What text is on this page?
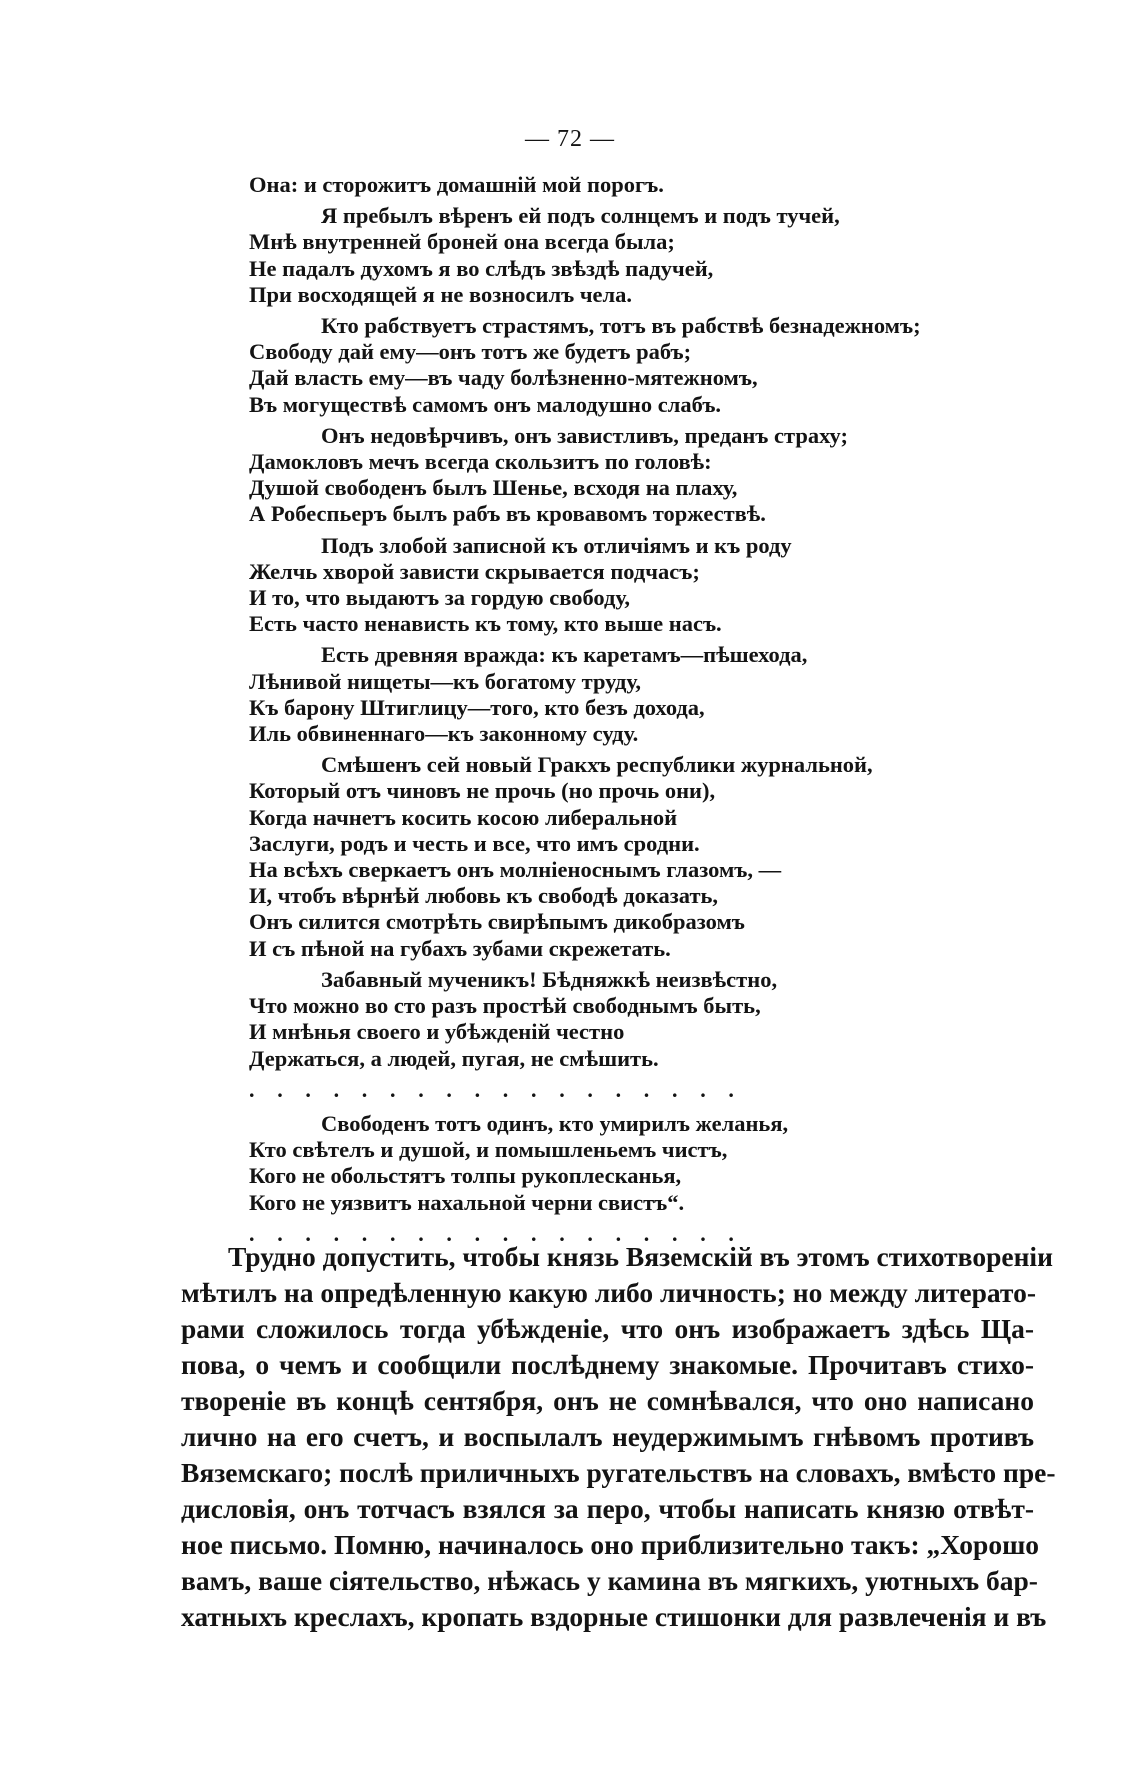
— 72 —
Она: и сторожитъ домашній мой порогъ.
Я пребылъ вѣренъ ей подъ солнцемъ и подъ тучей,
Мнѣ внутренней броней она всегда была;
Не падалъ духомъ я во слѣдъ звѣздѣ падучей,
При восходящей я не возносилъ чела.
Кто рабствуетъ страстямъ, тотъ въ рабствѣ безнадежномъ;
Свободу дай ему—онъ тотъ же будетъ рабъ;
Дай власть ему—въ чаду болѣзненно-мятежномъ,
Въ могуществѣ самомъ онъ малодушно слабъ.
Онъ недовѣрчивъ, онъ завистливъ, преданъ страху;
Дамокловъ мечъ всегда скользитъ по головѣ:
Душой свободенъ былъ Шенье, всходя на плаху,
А Робеспьеръ былъ рабъ въ кровавомъ торжествѣ.
Подъ злобой записной къ отличіямъ и къ роду
Желчь хворой зависти скрывается подчасъ;
И то, что выдаютъ за гордую свободу,
Есть часто ненависть къ тому, кто выше насъ.
Есть древняя вражда: къ каретамъ—пѣшехода,
Лѣнивой нищеты—къ богатому труду,
Къ барону Штиглицу—того, кто безъ дохода,
Иль обвиненнаго—къ законному суду.
Смѣшенъ сей новый Гракхъ республики журнальной,
Который отъ чиновъ не прочь (но прочь они),
Когда начнетъ косить косою либеральной
Заслуги, родъ и честь и все, что имъ сродни.
На всѣхъ сверкаетъ онъ молніеноснымъ глазомъ, —
И, чтобъ вѣрнѣй любовь къ свободѣ доказать,
Онъ силится смотрѣть свирѣпымъ дикобразомъ
И съ пѣной на губахъ зубами скрежетать.
Забавный мученикъ! Бѣдняжкѣ неизвѣстно,
Что можно во сто разъ простѣй свободнымъ быть,
И мнѣнья своего и убѣжденій честно
Держаться, а людей, пугая, не смѣшить.
. . . . . . . . . . . . . . . . . .
Свободенъ тотъ одинъ, кто умирилъ желанья,
Кто свѣтелъ и душой, и помышленьемъ чистъ,
Кого не обольстятъ толпы рукоплесканья,
Кого не уязвитъ нахальной черни свистъ“.
. . . . . . . . . . . . . . . . . .
Трудно допустить, чтобы князь Вяземскій въ этомъ стихотвореніи
мѣтилъ на опредѣленную какую либо личность; но между литерато-
рами сложилось тогда убѣжденіе, что онъ изображаетъ здѣсь Ща-
пова, о чемъ и сообщили послѣднему знакомые. Прочитавъ стихо-
твореніе въ концѣ сентября, онъ не сомнѣвался, что оно написано
лично на его счетъ, и воспылалъ неудержимымъ гнѣвомъ противъ
Вяземскаго; послѣ приличныхъ ругательствъ на словахъ, вмѣсто пре-
дисловія, онъ тотчасъ взялся за перо, чтобы написать князю отвѣт-
ное письмо. Помню, начиналось оно приблизительно такъ: „Хорошо
вамъ, ваше сіятельство, нѣжась у камина въ мягкихъ, уютныхъ бар-
хатныхъ креслахъ, кропать вздорные стишонки для развлеченія и въ
